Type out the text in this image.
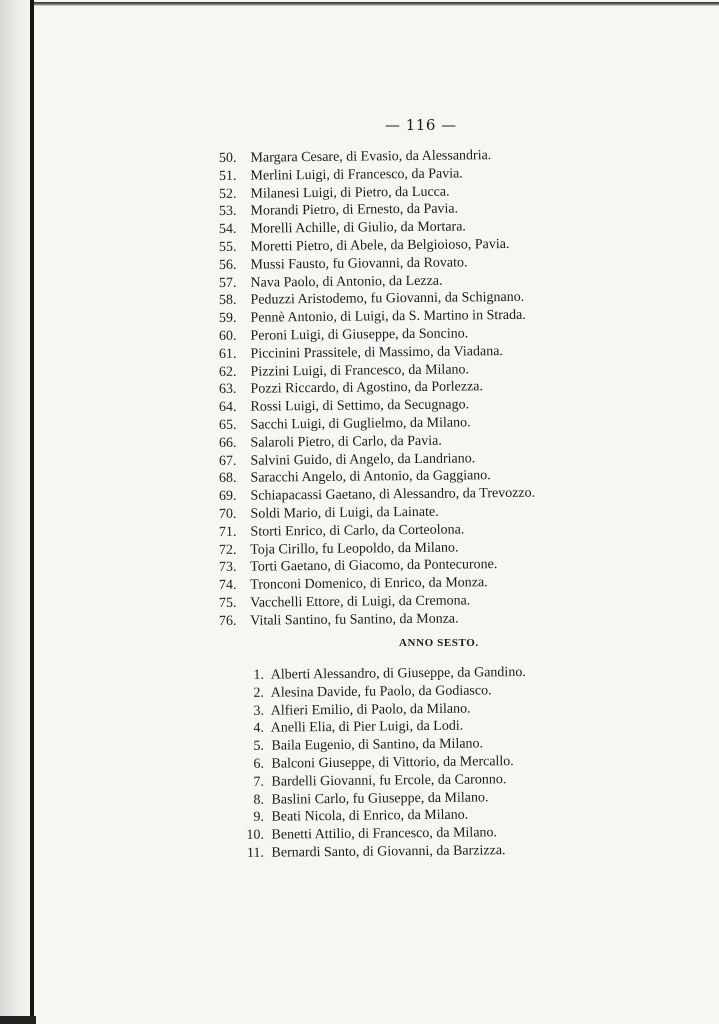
— 116 —
50. Margara Cesare, di Evasio, da Alessandria.
51. Merlini Luigi, di Francesco, da Pavia.
52. Milanesi Luigi, di Pietro, da Lucca.
53. Morandi Pietro, di Ernesto, da Pavia.
54. Morelli Achille, di Giulio, da Mortara.
55. Moretti Pietro, di Abele, da Belgioioso, Pavia.
56. Mussi Fausto, fu Giovanni, da Rovato.
57. Nava Paolo, di Antonio, da Lezza.
58. Peduzzi Aristodemo, fu Giovanni, da Schignano.
59. Pennè Antonio, di Luigi, da S. Martino in Strada.
60. Peroni Luigi, di Giuseppe, da Soncino.
61. Piccinini Prassitele, di Massimo, da Viadana.
62. Pizzini Luigi, di Francesco, da Milano.
63. Pozzi Riccardo, di Agostino, da Porlezza.
64. Rossi Luigi, di Settimo, da Secugnago.
65. Sacchi Luigi, di Guglielmo, da Milano.
66. Salaroli Pietro, di Carlo, da Pavia.
67. Salvini Guido, di Angelo, da Landriano.
68. Saracchi Angelo, di Antonio, da Gaggiano.
69. Schiapacassi Gaetano, di Alessandro, da Trevozzo.
70. Soldi Mario, di Luigi, da Lainate.
71. Storti Enrico, di Carlo, da Corteolona.
72. Toja Cirillo, fu Leopoldo, da Milano.
73. Torti Gaetano, di Giacomo, da Pontecurone.
74. Tronconi Domenico, di Enrico, da Monza.
75. Vacchelli Ettore, di Luigi, da Cremona.
76. Vitali Santino, fu Santino, da Monza.
ANNO SESTO.
1. Alberti Alessandro, di Giuseppe, da Gandino.
2. Alesina Davide, fu Paolo, da Godiasco.
3. Alfieri Emilio, di Paolo, da Milano.
4. Anelli Elia, di Pier Luigi, da Lodi.
5. Baila Eugenio, di Santino, da Milano.
6. Balconi Giuseppe, di Vittorio, da Mercallo.
7. Bardelli Giovanni, fu Ercole, da Caronno.
8. Baslini Carlo, fu Giuseppe, da Milano.
9. Beati Nicola, di Enrico, da Milano.
10. Benetti Attilio, di Francesco, da Milano.
11. Bernardi Santo, di Giovanni, da Barzizza.
